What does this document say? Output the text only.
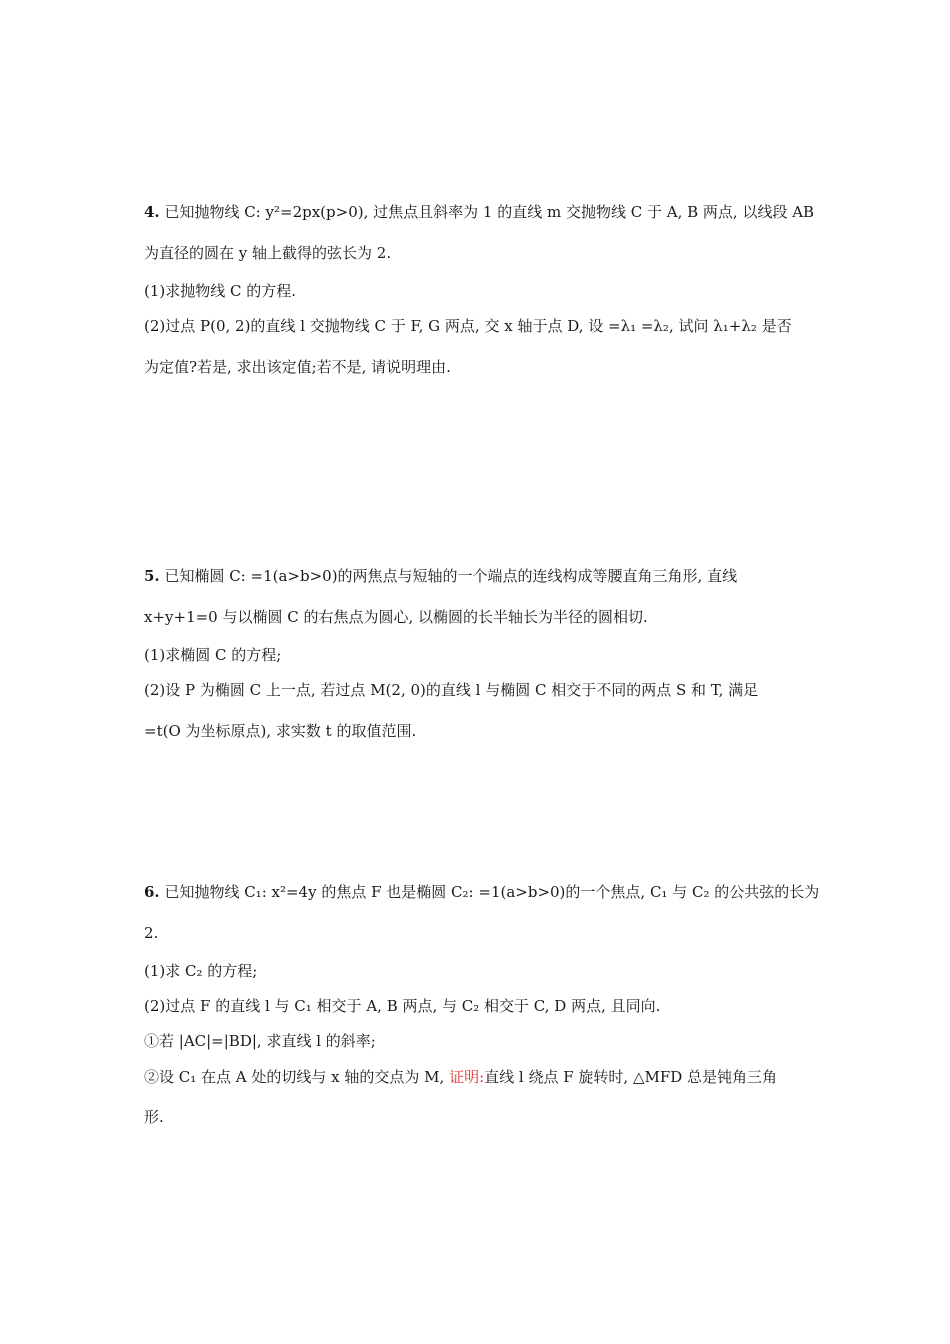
4. 已知抛物线 C: y²=2px(p>0), 过焦点且斜率为 1 的直线 m 交抛物线 C 于 A, B 两点, 以线段 AB
为直径的圆在 y 轴上截得的弦长为 2.
(1)求抛物线 C 的方程.
(2)过点 P(0, 2)的直线 l 交抛物线 C 于 F, G 两点, 交 x 轴于点 D, 设 =λ₁ =λ₂, 试问 λ₁+λ₂ 是否
为定值?若是, 求出该定值;若不是, 请说明理由.
5. 已知椭圆 C: =1(a>b>0)的两焦点与短轴的一个端点的连线构成等腰直角三角形, 直线
x+y+1=0 与以椭圆 C 的右焦点为圆心, 以椭圆的长半轴长为半径的圆相切.
(1)求椭圆 C 的方程;
(2)设 P 为椭圆 C 上一点, 若过点 M(2, 0)的直线 l 与椭圆 C 相交于不同的两点 S 和 T, 满足
=t(O 为坐标原点), 求实数 t 的取值范围.
6. 已知抛物线 C₁: x²=4y 的焦点 F 也是椭圆 C₂: =1(a>b>0)的一个焦点, C₁ 与 C₂ 的公共弦的长为
2.
(1)求 C₂ 的方程;
(2)过点 F 的直线 l 与 C₁ 相交于 A, B 两点, 与 C₂ 相交于 C, D 两点, 且同向.
①若 |AC|=|BD|, 求直线 l 的斜率;
②设 C₁ 在点 A 处的切线与 x 轴的交点为 M, 证明:直线 l 绕点 F 旋转时, △MFD 总是钝角三角
形.
